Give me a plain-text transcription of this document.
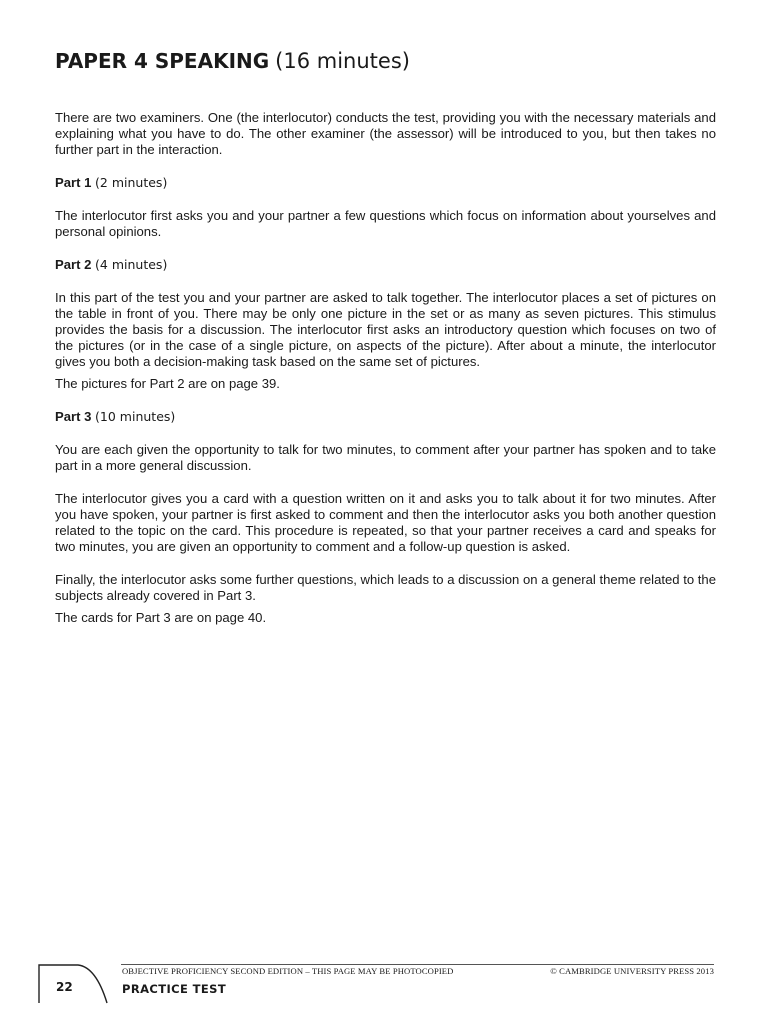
PAPER 4 SPEAKING (16 minutes)

There are two examiners. One (the interlocutor) conducts the test, providing you with the necessary materials and explaining what you have to do. The other examiner (the assessor) will be introduced to you, but then takes no further part in the interaction.

Part 1 (2 minutes)

The interlocutor first asks you and your partner a few questions which focus on information about yourselves and personal opinions.

Part 2 (4 minutes)

In this part of the test you and your partner are asked to talk together. The interlocutor places a set of pictures on the table in front of you. There may be only one picture in the set or as many as seven pictures. This stimulus provides the basis for a discussion. The interlocutor first asks an introductory question which focuses on two of the pictures (or in the case of a single picture, on aspects of the picture). After about a minute, the interlocutor gives you both a decision-making task based on the same set of pictures.

The pictures for Part 2 are on page 39.

Part 3 (10 minutes)

You are each given the opportunity to talk for two minutes, to comment after your partner has spoken and to take part in a more general discussion.

The interlocutor gives you a card with a question written on it and asks you to talk about it for two minutes. After you have spoken, your partner is first asked to comment and then the interlocutor asks you both another question related to the topic on the card. This procedure is repeated, so that your partner receives a card and speaks for two minutes, you are given an opportunity to comment and a follow-up question is asked.

Finally, the interlocutor asks some further questions, which leads to a discussion on a general theme related to the subjects already covered in Part 3.

The cards for Part 3 are on page 40.

22
OBJECTIVE PROFICIENCY SECOND EDITION – THIS PAGE MAY BE PHOTOCOPIED	© CAMBRIDGE UNIVERSITY PRESS 2013
PRACTICE TEST
